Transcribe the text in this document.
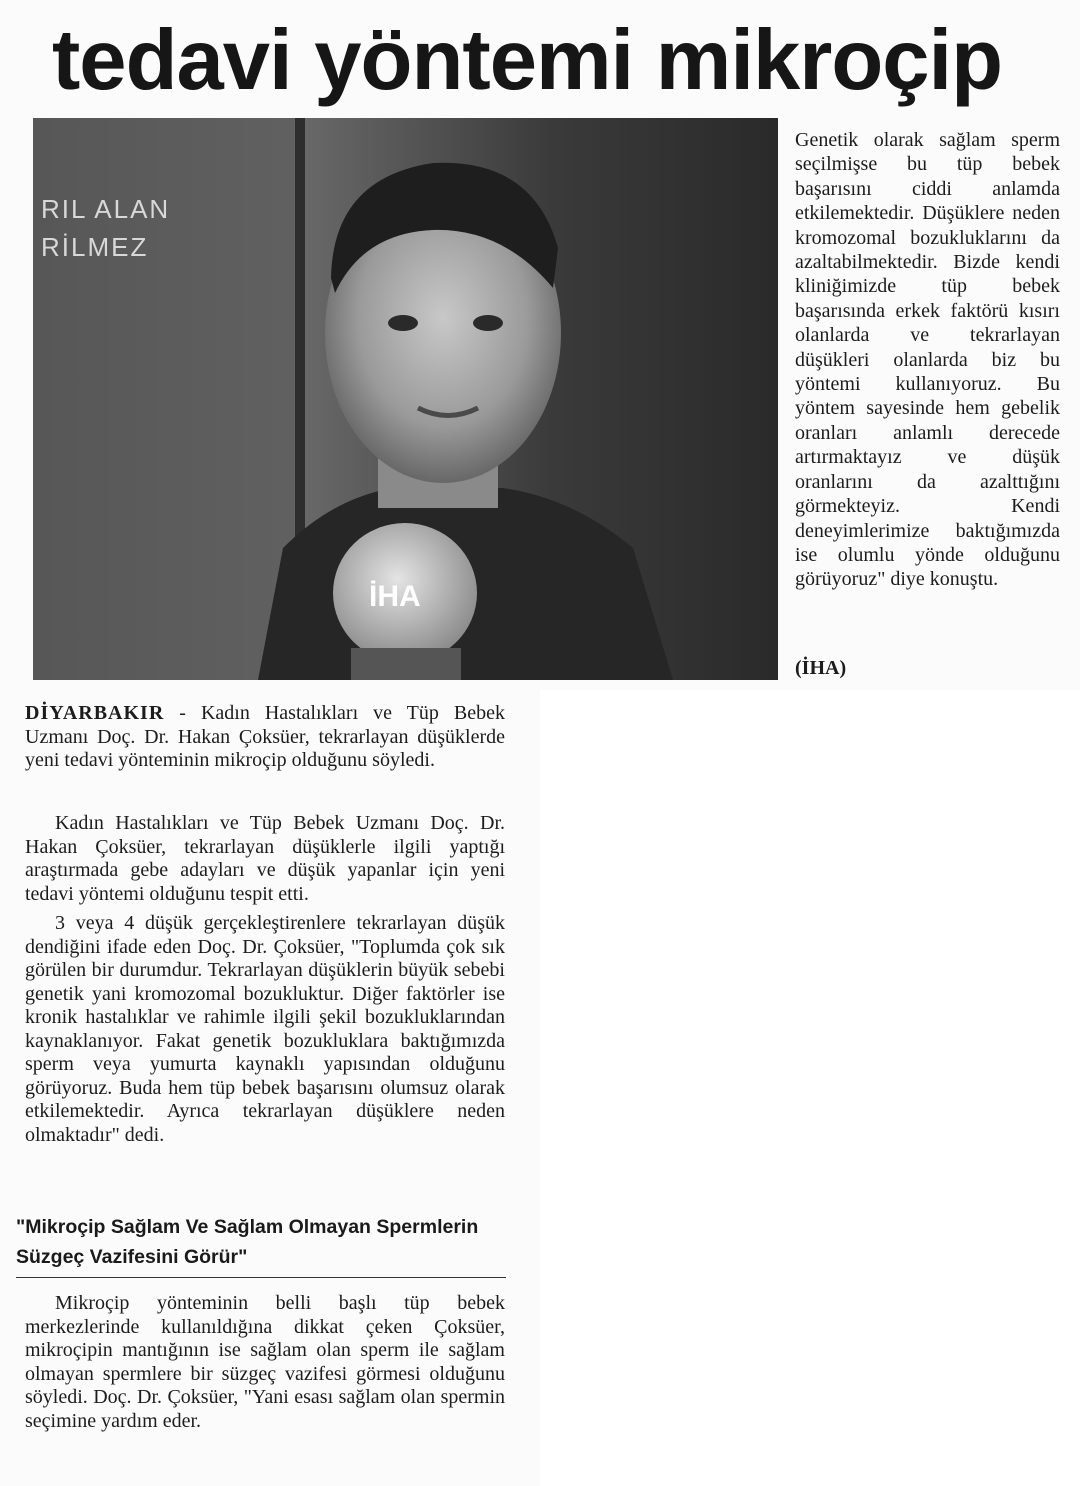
tedavi yöntemi mikroçip
RIL ALAN
RİLMEZ
İHA

Genetik olarak sağlam sperm seçilmişse bu tüp bebek başarısını ciddi anlamda etkilemektedir. Düşüklere neden kromozomal bozukluklarını da azaltabilmektedir. Bizde kendi kliniğimizde tüp bebek başarısında erkek faktörü kısırı olanlarda ve tekrarlayan düşükleri olanlarda biz bu yöntemi kullanıyoruz. Bu yöntem sayesinde hem gebelik oranları anlamlı derecede artırmaktayız ve düşük oranlarını da azalttığını görmekteyiz. Kendi deneyimlerimize baktığımızda ise olumlu yönde olduğunu görüyoruz" diye konuştu.

(İHA)

DİYARBAKIR - Kadın Hastalıkları ve Tüp Bebek Uzmanı Doç. Dr. Hakan Çoksüer, tekrarlayan düşüklerde yeni tedavi yönteminin mikroçip olduğunu söyledi.

Kadın Hastalıkları ve Tüp Bebek Uzmanı Doç. Dr. Hakan Çoksüer, tekrarlayan düşüklerle ilgili yaptığı araştırmada gebe adayları ve düşük yapanlar için yeni tedavi yöntemi olduğunu tespit etti.

3 veya 4 düşük gerçekleştirenlere tekrarlayan düşük dendiğini ifade eden Doç. Dr. Çoksüer, "Toplumda çok sık görülen bir durumdur. Tekrarlayan düşüklerin büyük sebebi genetik yani kromozomal bozukluktur. Diğer faktörler ise kronik hastalıklar ve rahimle ilgili şekil bozukluklarından kaynaklanıyor. Fakat genetik bozukluklara baktığımızda sperm veya yumurta kaynaklı yapısından olduğunu görüyoruz. Buda hem tüp bebek başarısını olumsuz olarak etkilemektedir. Ayrıca tekrarlayan düşüklere neden olmaktadır" dedi.

"Mikroçip Sağlam Ve Sağlam Olmayan Spermlerin Süzgeç Vazifesini Görür"

Mikroçip yönteminin belli başlı tüp bebek merkezlerinde kullanıldığına dikkat çeken Çoksüer, mikroçipin mantığının ise sağlam olan sperm ile sağlam olmayan spermlere bir süzgeç vazifesi görmesi olduğunu söyledi. Doç. Dr. Çoksüer, "Yani esası sağlam olan spermin seçimine yardım eder.
